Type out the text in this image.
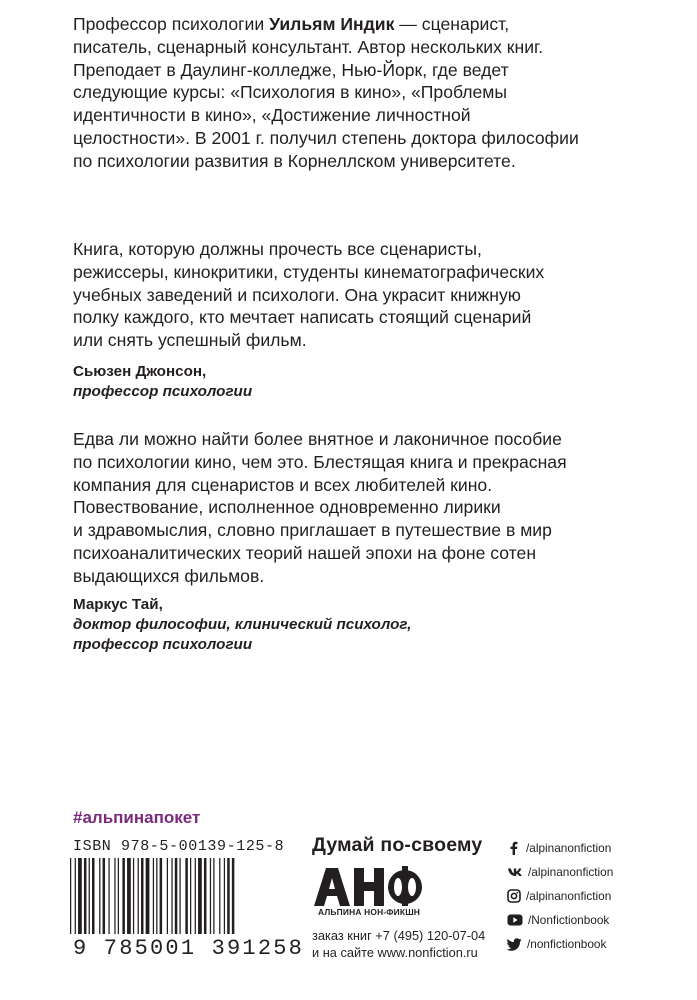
Профессор психологии Уильям Индик — сценарист,
писатель, сценарный консультант. Автор нескольких книг.
Преподает в Даулинг-колледже, Нью-Йорк, где ведет
следующие курсы: «Психология в кино», «Проблемы
идентичности в кино», «Достижение личностной
целостности». В 2001 г. получил степень доктора философии
по психологии развития в Корнеллском университете.
Книга, которую должны прочесть все сценаристы,
режиссеры, кинокритики, студенты кинематографических
учебных заведений и психологи. Она украсит книжную
полку каждого, кто мечтает написать стоящий сценарий
или снять успешный фильм.
Сьюзен Джонсон,
профессор психологии
Едва ли можно найти более внятное и лаконичное пособие
по психологии кино, чем это. Блестящая книга и прекрасная
компания для сценаристов и всех любителей кино.
Повествование, исполненное одновременно лирики
и здравомыслия, словно приглашает в путешествие в мир
психоаналитических теорий нашей эпохи на фоне сотен
выдающихся фильмов.
Маркус Тай,
доктор философии, клинический психолог,
профессор психологии
#альпинапокет
ISBN 978-5-00139-125-8
9 785001 391258
Думай по-своему
АЛЬПИНА НОН-ФИКШН
заказ книг +7 (495) 120-07-04
и на сайте www.nonfiction.ru
/alpinanonfiction
/alpinanonfiction
/alpinanonfiction
/Nonfictionbook
/nonfictionbook
